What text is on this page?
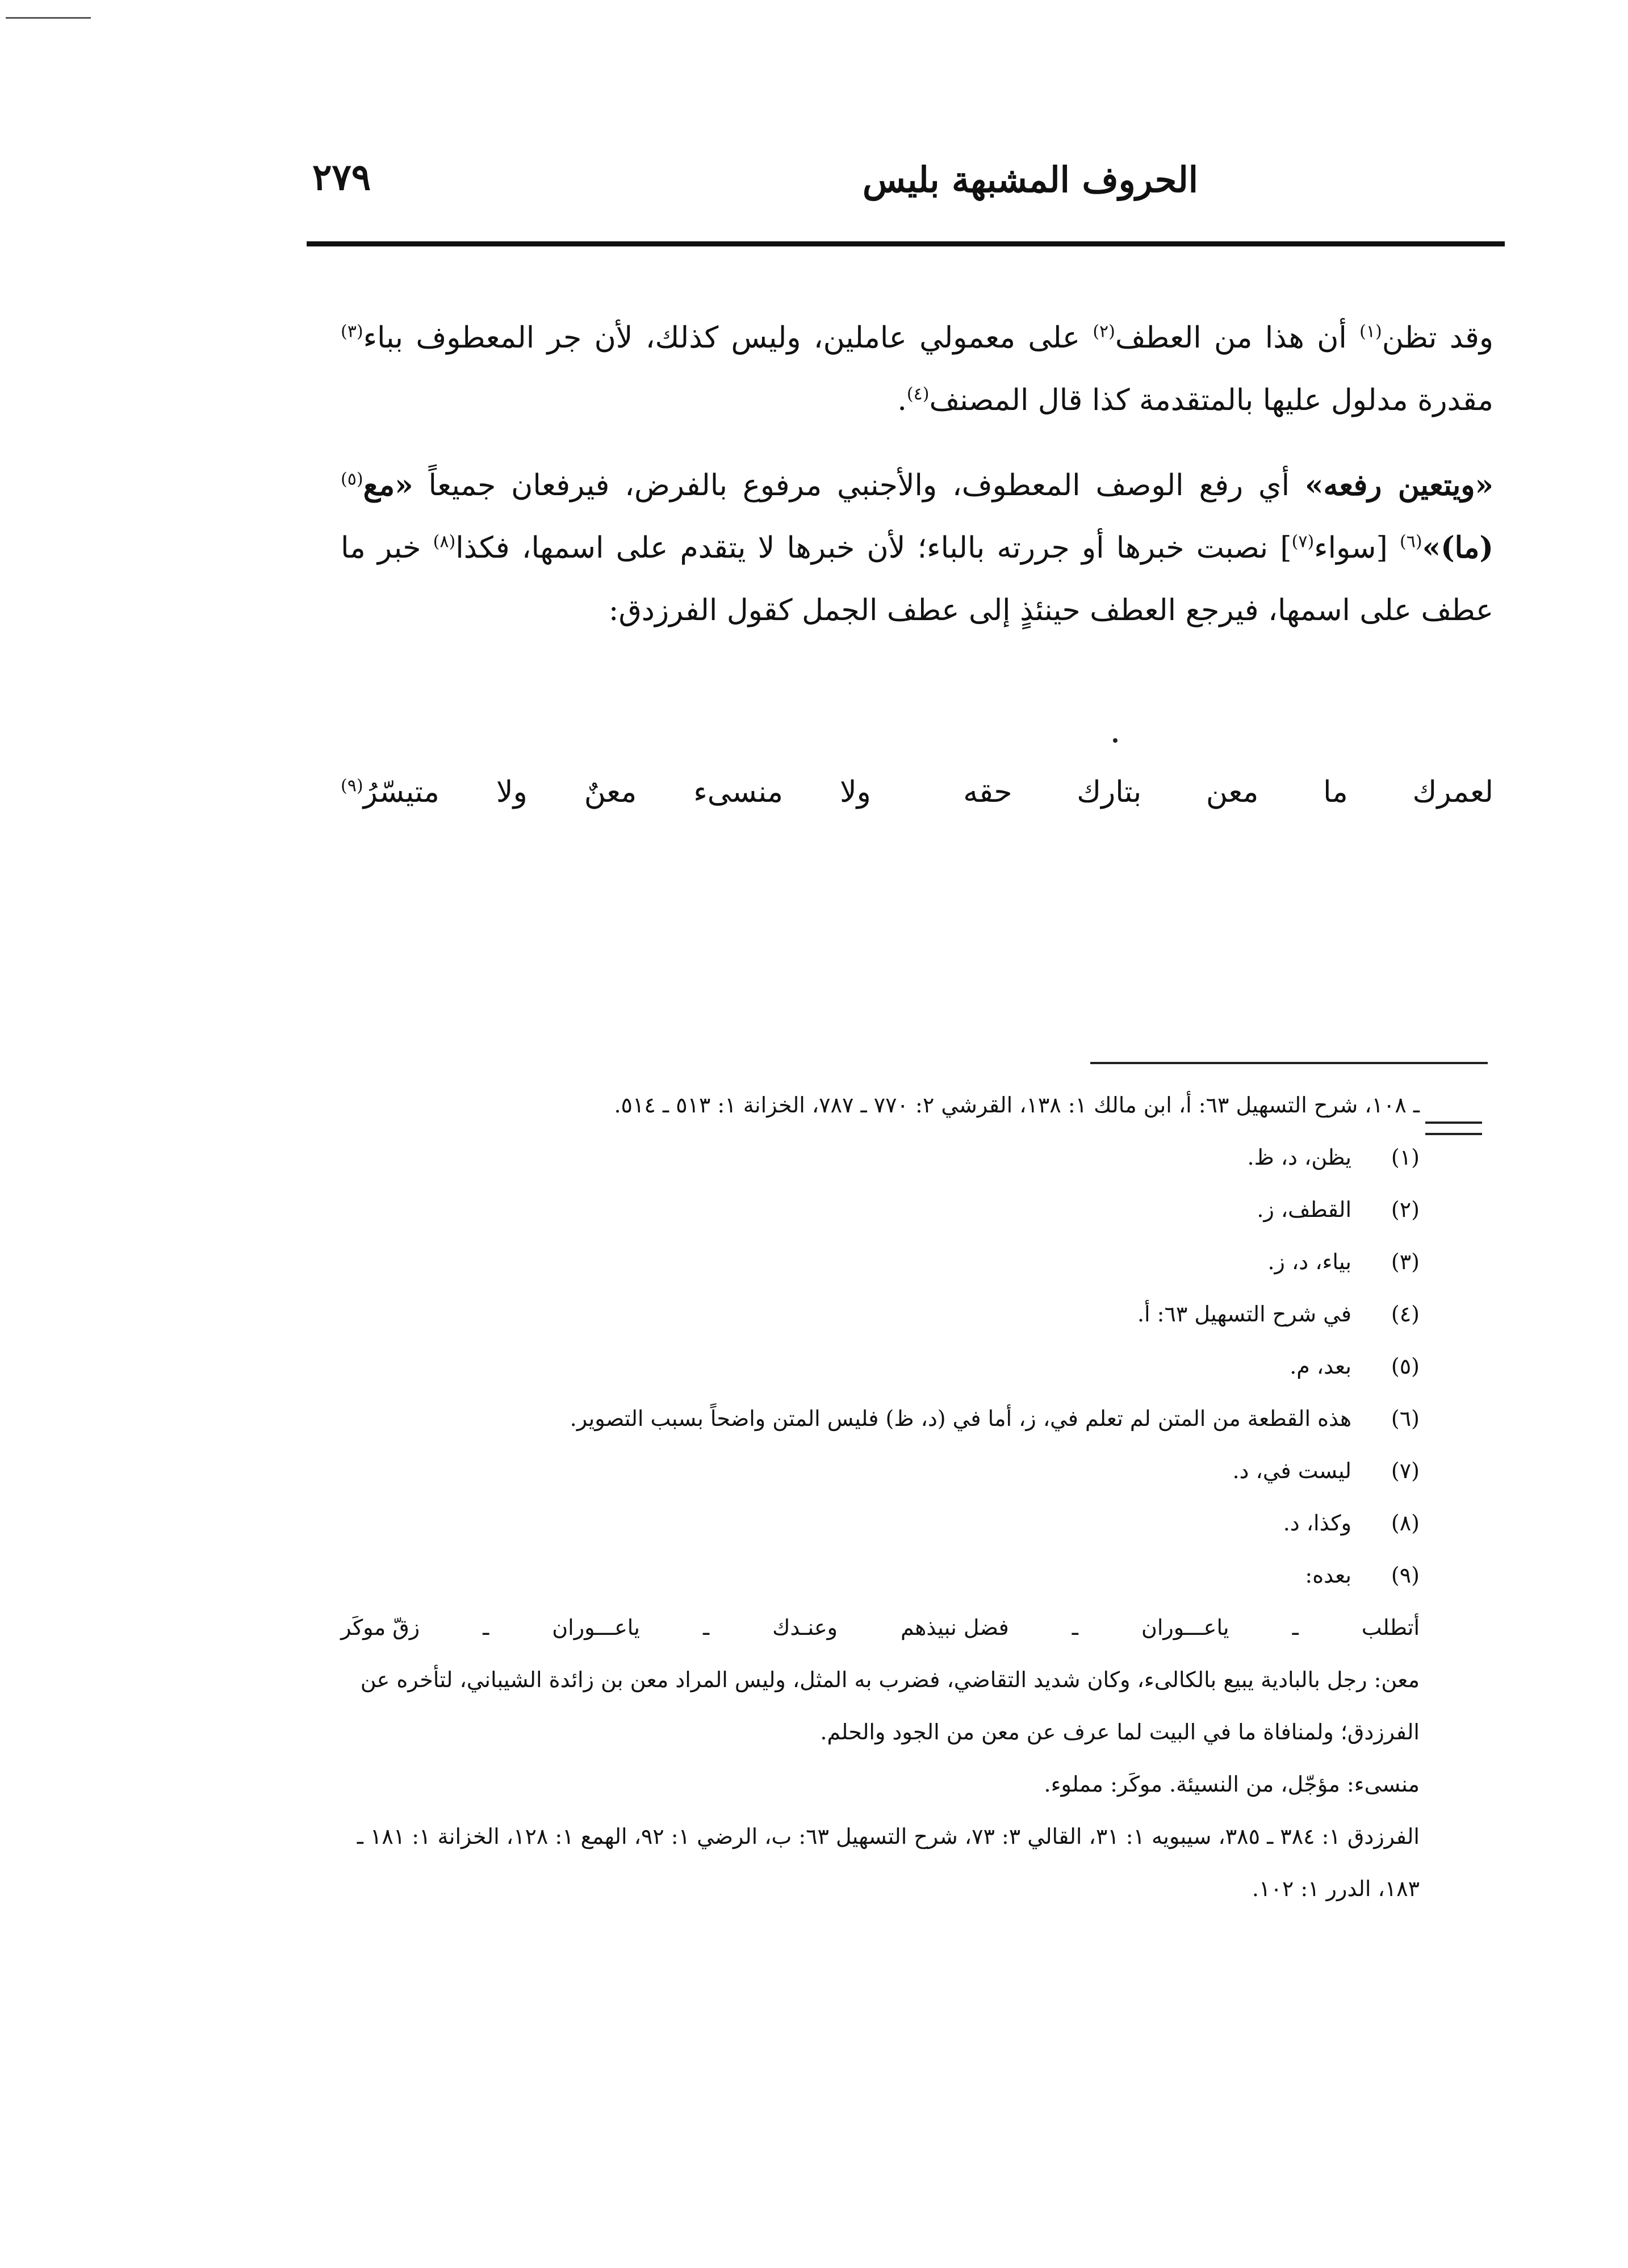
الحروف المشبهة بليس
٢٧٩

وقد تظن$^{(١)}$ أن هذا من العطف$^{(٢)}$ على معمولي عاملين، وليس كذلك، لأن جر المعطوف بباء$^{(٣)}$ مقدرة مدلول عليها بالمتقدمة كذا قال المصنف$^{(٤)}$.

«ويتعين رفعه» أي رفع الوصف المعطوف، والأجنبي مرفوع بالفرض، فيرفعان جميعاً «مع$^{(٥)}$ (ما)»$^{(٦)}$ [سواء$^{(٧)}$] نصبت خبرها أو جررته بالباء؛ لأن خبرها لا يتقدم على اسمها، فكذا$^{(٨)}$ خبر ما عطف على اسمها، فيرجع العطف حينئذٍ إلى عطف الجمل كقول الفرزدق:

لعمرك
ما
معن
بتارك
حقه
ولا
منسىء
معنٌ
ولا
متيسّرُ$^{(٩)}$

ـ ١٠٨، شرح التسهيل ٦٣: أ، ابن مالك ١: ١٣٨، القرشي ٢: ٧٧٠ ـ ٧٨٧، الخزانة ١: ٥١٣ ـ ٥١٤.

(١)
يظن، د، ظ.
(٢)
القطف، ز.
(٣)
بياء، د، ز.
(٤)
في شرح التسهيل ٦٣: أ.
(٥)
بعد، م.
(٦)
هذه القطعة من المتن لم تعلم في، ز، أما في (د، ظ) فليس المتن واضحاً بسبب التصوير.
(٧)
ليست في، د.
(٨)
وكذا، د.
(٩)
بعده:
أتطلب
ـ
ياعـــوران
ـ
فضل نبيذهم
وعنـدك
ـ
ياعـــوران
ـ
زقّ موكَر

معن: رجل بالبادية يبيع بالكالىء، وكان شديد التقاضي، فضرب به المثل، وليس المراد معن بن زائدة الشيباني، لتأخره عن الفرزدق؛ ولمنافاة ما في البيت لما عرف عن معن من الجود والحلم.

منسىء: مؤجّل، من النسيئة. موكَر: مملوء.

الفرزدق ١: ٣٨٤ ـ ٣٨٥، سيبويه ١: ٣١، القالي ٣: ٧٣، شرح التسهيل ٦٣: ب، الرضي ١: ٩٢، الهمع ١: ١٢٨، الخزانة ١: ١٨١ ـ ١٨٣، الدرر ١: ١٠٢.
